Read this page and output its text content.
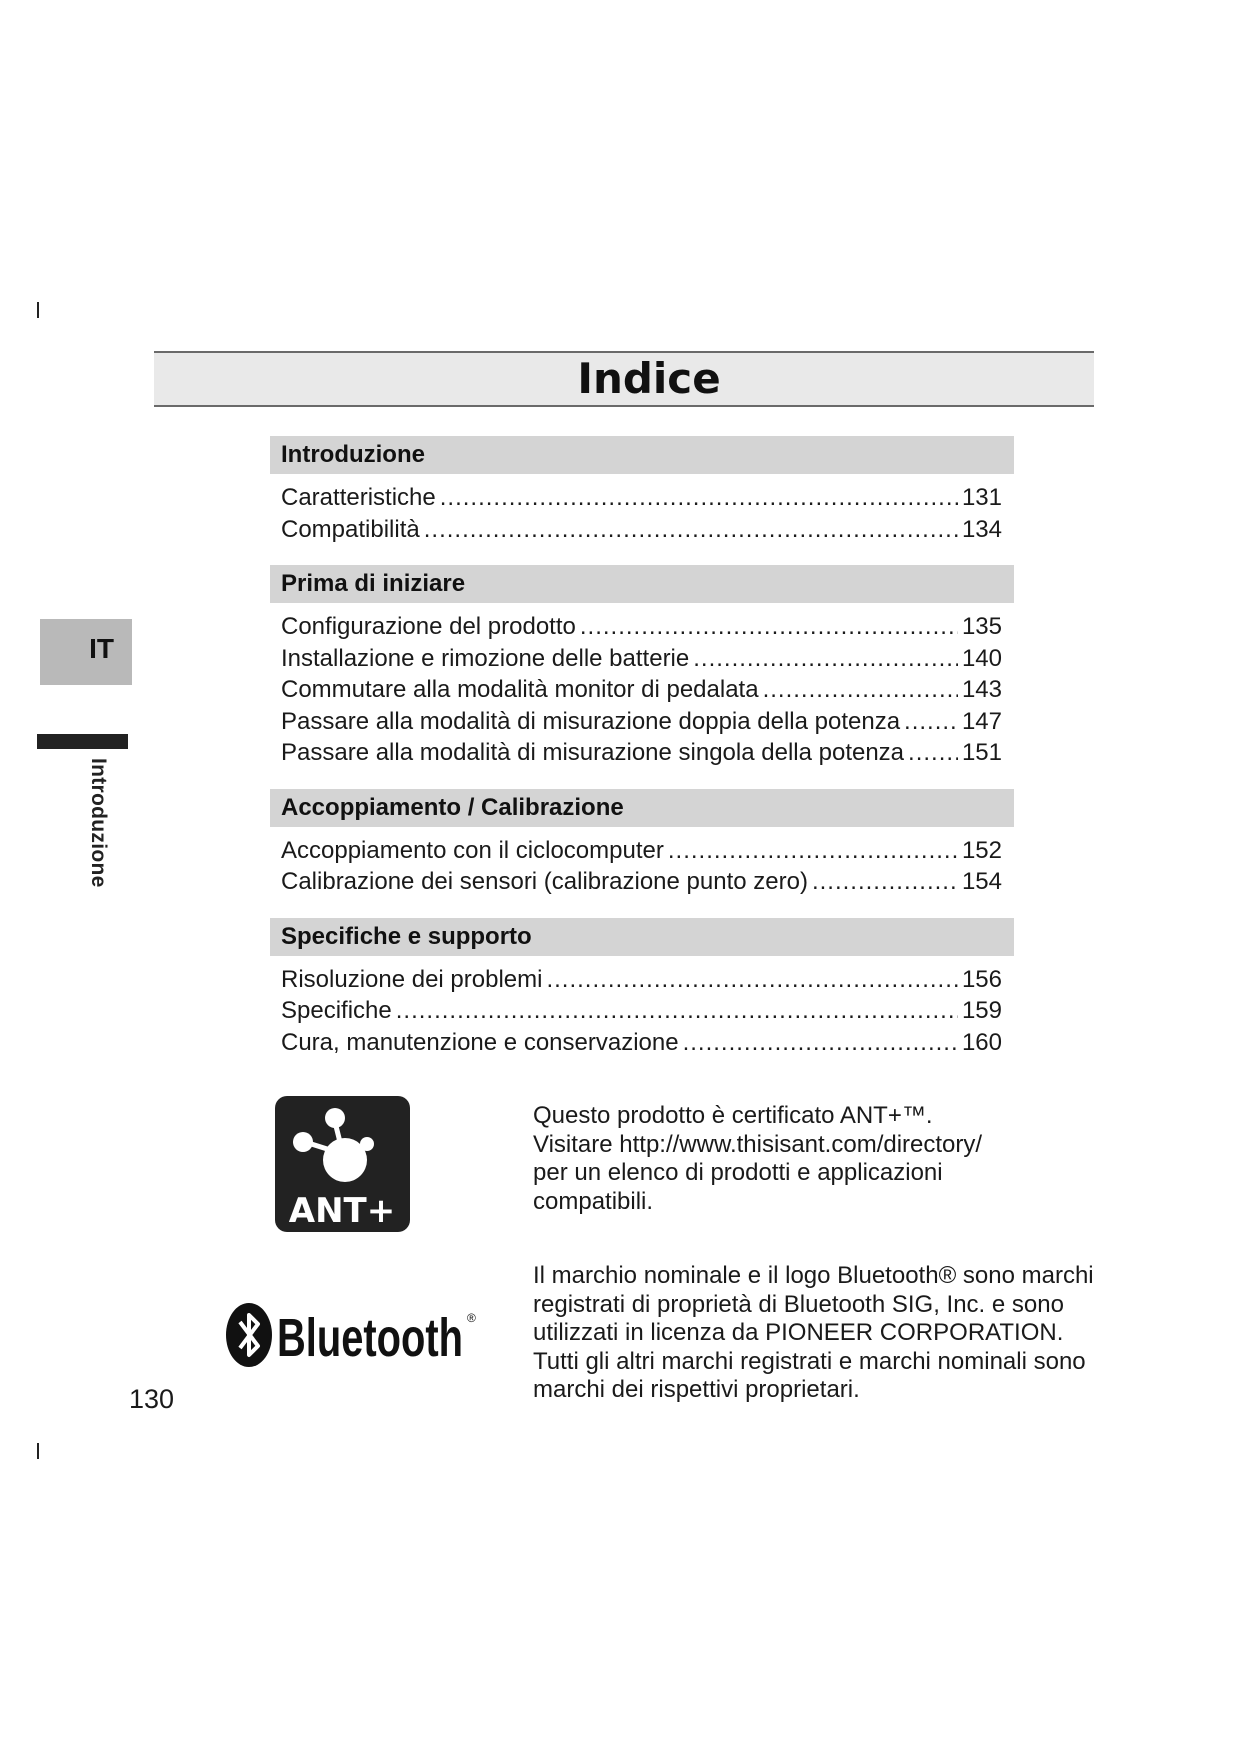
Indice
IT
Introduzione
Introduzione
Caratteristiche .....	131
Compatibilità .....	134
Prima di iniziare
Configurazione del prodotto .....	135
Installazione e rimozione delle batterie .....	140
Commutare alla modalità monitor di pedalata .....	143
Passare alla modalità di misurazione doppia della potenza .....	147
Passare alla modalità di misurazione singola della potenza ..... 151
Accoppiamento / Calibrazione
Accoppiamento con il ciclocomputer .....	152
Calibrazione dei sensori (calibrazione punto zero) .....	154
Specifiche e supporto
Risoluzione dei problemi .....	156
Specifiche .....	159
Cura, manutenzione e conservazione .....	160
ANT+

Questo prodotto è certificato ANT+™.

Visitare http://www.thisisant.com/directory/

per un elenco di prodotti e applicazioni

compatibili.

Bluetooth ®

Il marchio nominale e il logo Bluetooth® sono marchi

registrati di proprietà di Bluetooth SIG, Inc. e sono

utilizzati in licenza da PIONEER CORPORATION.

Tutti gli altri marchi registrati e marchi nominali sono

marchi dei rispettivi proprietari.

130
